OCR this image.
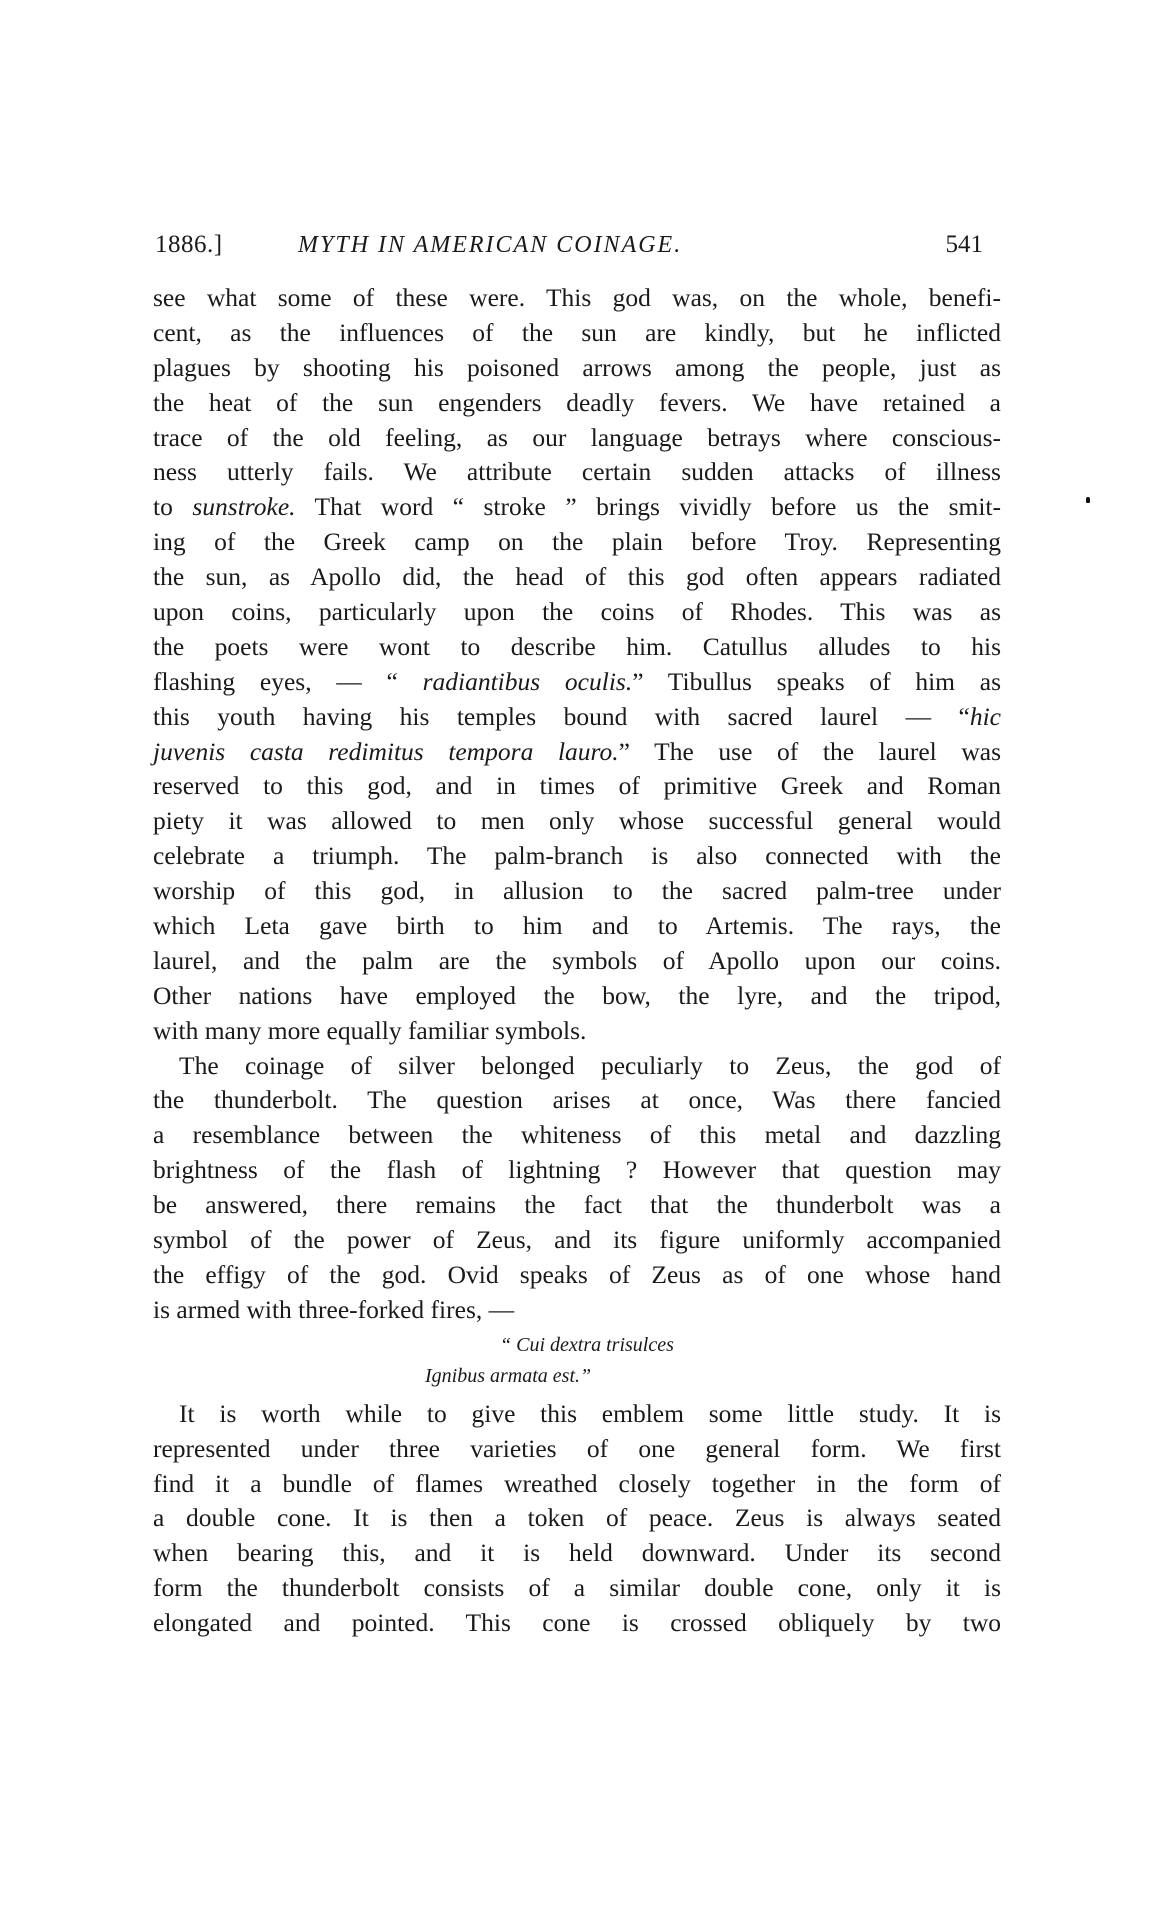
1886.]	MYTH IN AMERICAN COINAGE.	541
see what some of these were. This god was, on the whole, benefi-
cent, as the influences of the sun are kindly, but he inflicted
plagues by shooting his poisoned arrows among the people, just as
the heat of the sun engenders deadly fevers. We have retained a
trace of the old feeling, as our language betrays where conscious-
ness utterly fails. We attribute certain sudden attacks of illness
to sunstroke. That word “ stroke ” brings vividly before us the smit-
ing of the Greek camp on the plain before Troy. Representing
the sun, as Apollo did, the head of this god often appears radiated
upon coins, particularly upon the coins of Rhodes. This was as
the poets were wont to describe him. Catullus alludes to his
flashing eyes, — “ radiantibus oculis.” Tibullus speaks of him as
this youth having his temples bound with sacred laurel — “hic
juvenis casta redimitus tempora lauro.” The use of the laurel was
reserved to this god, and in times of primitive Greek and Roman
piety it was allowed to men only whose successful general would
celebrate a triumph. The palm-branch is also connected with the
worship of this god, in allusion to the sacred palm-tree under
which Leta gave birth to him and to Artemis. The rays, the
laurel, and the palm are the symbols of Apollo upon our coins.
Other nations have employed the bow, the lyre, and the tripod,
with many more equally familiar symbols.
The coinage of silver belonged peculiarly to Zeus, the god of
the thunderbolt. The question arises at once, Was there fancied
a resemblance between the whiteness of this metal and dazzling
brightness of the flash of lightning ? However that question may
be answered, there remains the fact that the thunderbolt was a
symbol of the power of Zeus, and its figure uniformly accompanied
the effigy of the god. Ovid speaks of Zeus as of one whose hand
is armed with three-forked fires, —
“ Cui dextra trisulces
Ignibus armata est.”
It is worth while to give this emblem some little study. It is
represented under three varieties of one general form. We first
find it a bundle of flames wreathed closely together in the form of
a double cone. It is then a token of peace. Zeus is always seated
when bearing this, and it is held downward. Under its second
form the thunderbolt consists of a similar double cone, only it is
elongated and pointed. This cone is crossed obliquely by two
